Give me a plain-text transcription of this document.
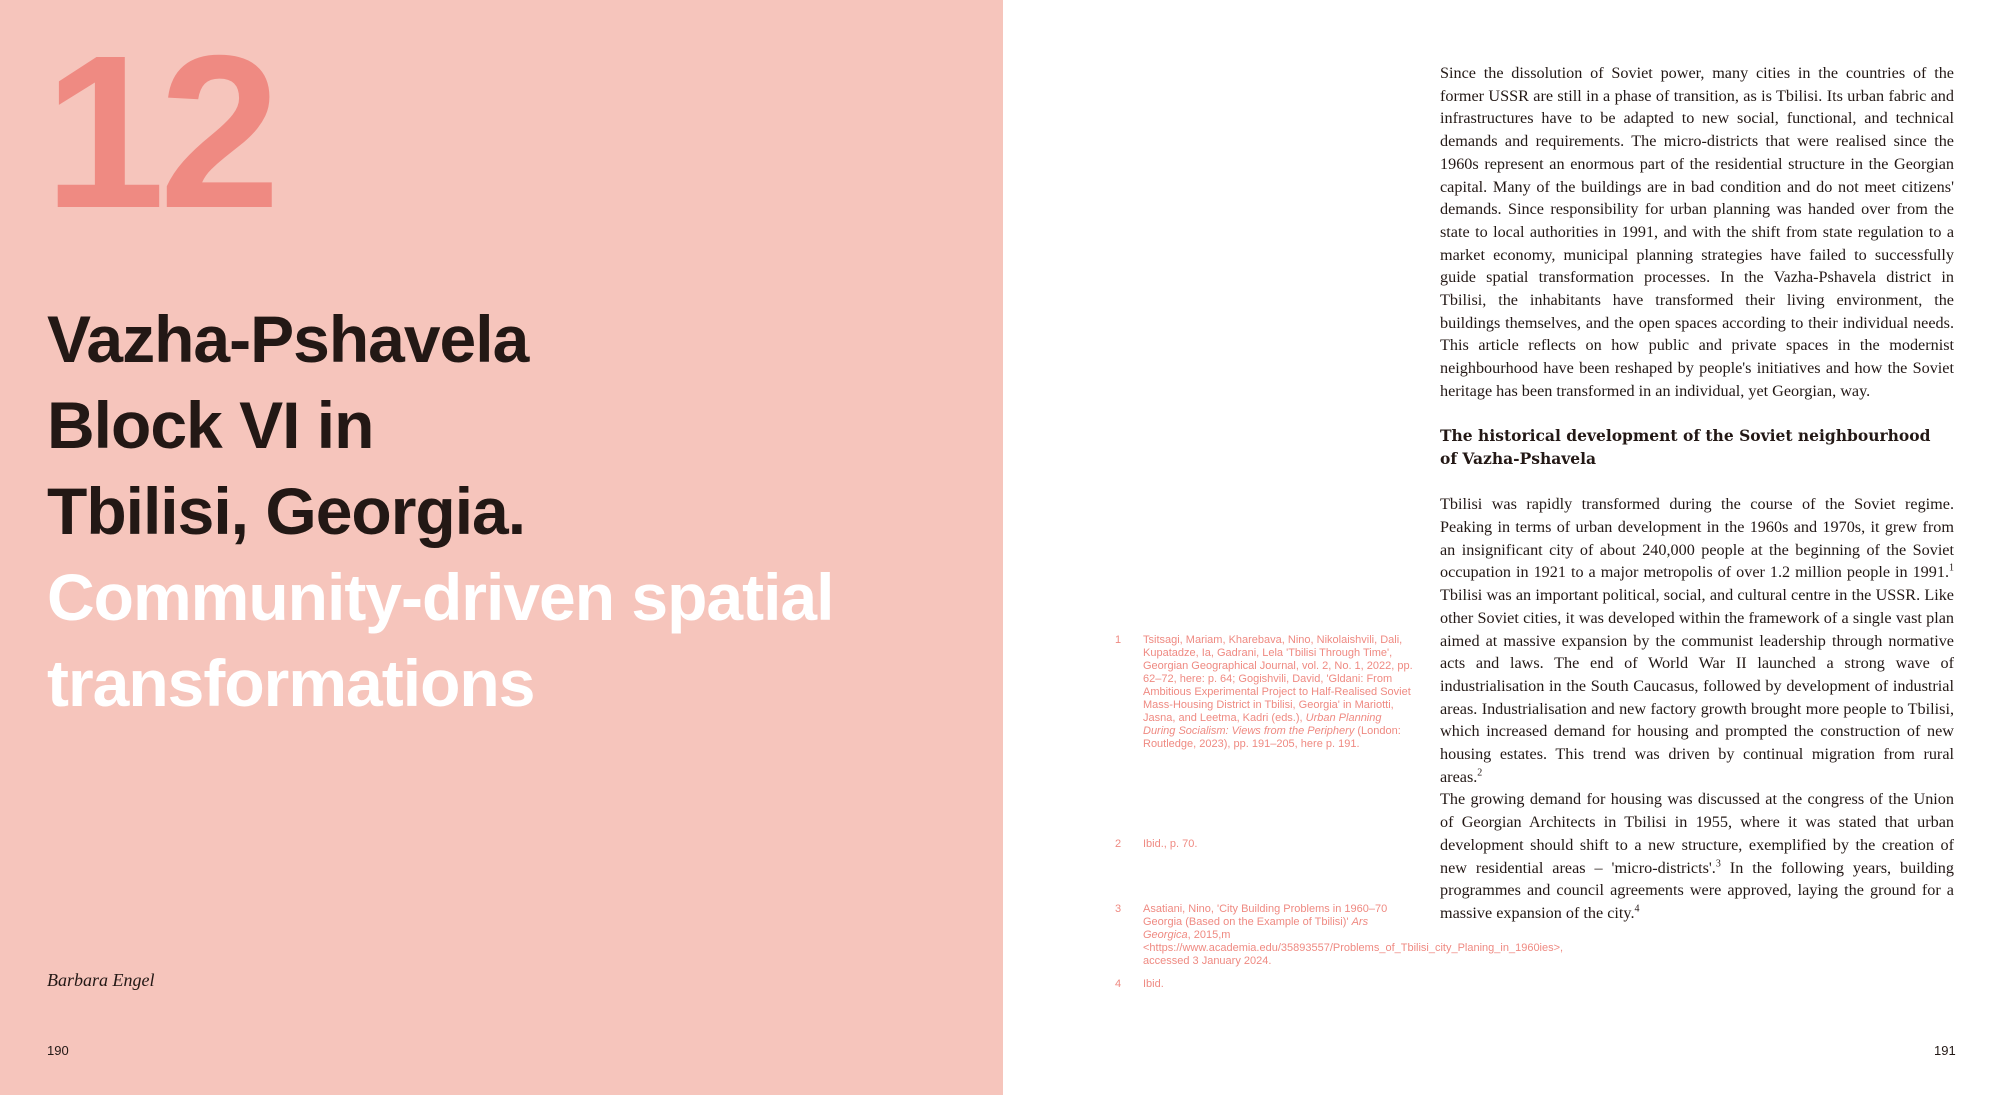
12
Vazha-Pshavela
Block VI in
Tbilisi, Georgia.
Community-driven spatial
transformations
Barbara Engel
190
1 Tsitsagi, Mariam, Kharebava, Nino, Nikolaishvili, Dali, Kupatadze, Ia, Gadrani, Lela 'Tbilisi Through Time', Georgian Geographical Journal, vol. 2, No. 1, 2022, pp. 62–72, here: p. 64; Gogishvili, David, 'Gldani: From Ambitious Experimental Project to Half-Realised Soviet Mass-Housing District in Tbilisi, Georgia' in Mariotti, Jasna, and Leetma, Kadri (eds.), Urban Planning During Socialism: Views from the Periphery (London: Routledge, 2023), pp. 191–205, here p. 191.
2 Ibid., p. 70.
3 Asatiani, Nino, 'City Building Problems in 1960–70 Georgia (Based on the Example of Tbilisi)' Ars Georgica, 2015,m <https://www.academia.edu/35893557/Problems_of_Tbilisi_city_Planing_in_1960ies>, accessed 3 January 2024.
4 Ibid.

Since the dissolution of Soviet power, many cities in the countries of the former USSR are still in a phase of transition, as is Tbilisi. Its urban fabric and infrastructures have to be adapted to new social, functional, and technical demands and requirements. The micro-districts that were realised since the 1960s represent an enormous part of the residential structure in the Georgian capital. Many of the buildings are in bad condition and do not meet citizens' demands. Since responsibility for urban planning was handed over from the state to local authorities in 1991, and with the shift from state regulation to a market economy, municipal planning strategies have failed to successfully guide spatial transformation processes. In the Vazha-Pshavela district in Tbilisi, the inhabitants have transformed their living environment, the buildings themselves, and the open spaces according to their individual needs. This article reflects on how public and private spaces in the modernist neighbourhood have been reshaped by people's initiatives and how the Soviet heritage has been transformed in an individual, yet Georgian, way.

The historical development of the Soviet neighbourhood
of Vazha-Pshavela

Tbilisi was rapidly transformed during the course of the Soviet regime. Peaking in terms of urban development in the 1960s and 1970s, it grew from an insignificant city of about 240,000 people at the beginning of the Soviet occupation in 1921 to a major metropolis of over 1.2 million people in 1991.$^1$ Tbilisi was an important political, social, and cultural centre in the USSR. Like other Soviet cities, it was developed within the framework of a single vast plan aimed at massive expansion by the communist leadership through normative acts and laws. The end of World War II launched a strong wave of industrialisation in the South Caucasus, followed by development of industrial areas. Industrialisation and new factory growth brought more people to Tbilisi, which increased demand for housing and prompted the construction of new housing estates. This trend was driven by continual migration from rural areas.$^2$

The growing demand for housing was discussed at the congress of the Union of Georgian Architects in Tbilisi in 1955, where it was stated that urban development should shift to a new structure, exemplified by the creation of new residential areas – 'micro-districts'.$^3$ In the following years, building programmes and council agreements were approved, laying the ground for a massive expansion of the city.$^4$

191
